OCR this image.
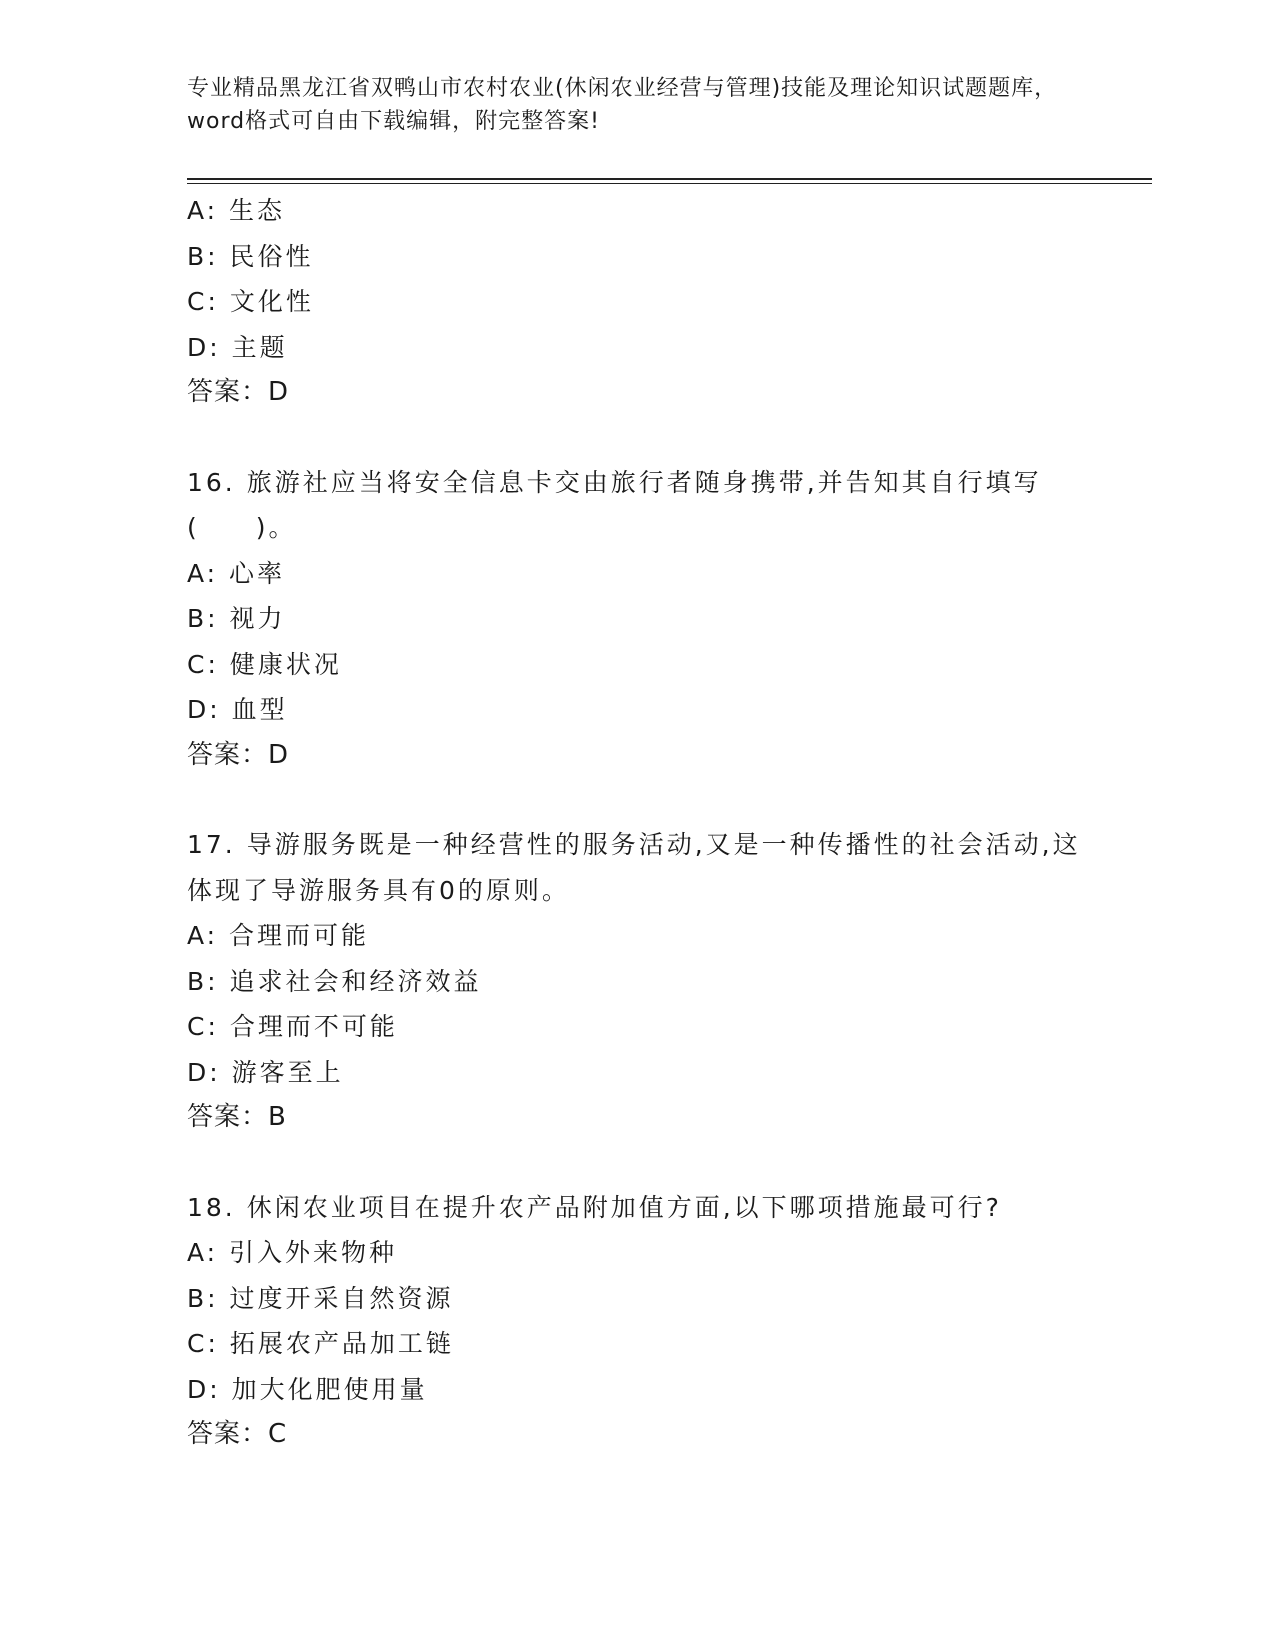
专业精品黑龙江省双鸭山市农村农业(休闲农业经营与管理)技能及理论知识试题题库，word格式可自由下载编辑，附完整答案!
A: 生态
B: 民俗性
C: 文化性
D: 主题
答案：D
16. 旅游社应当将安全信息卡交由旅行者随身携带,并告知其自行填写(　　)。
A: 心率
B: 视力
C: 健康状况
D: 血型
答案：D
17. 导游服务既是一种经营性的服务活动,又是一种传播性的社会活动,这体现了导游服务具有0的原则。
A: 合理而可能
B: 追求社会和经济效益
C: 合理而不可能
D: 游客至上
答案：B
18. 休闲农业项目在提升农产品附加值方面,以下哪项措施最可行?
A: 引入外来物种
B: 过度开采自然资源
C: 拓展农产品加工链
D: 加大化肥使用量
答案：C
